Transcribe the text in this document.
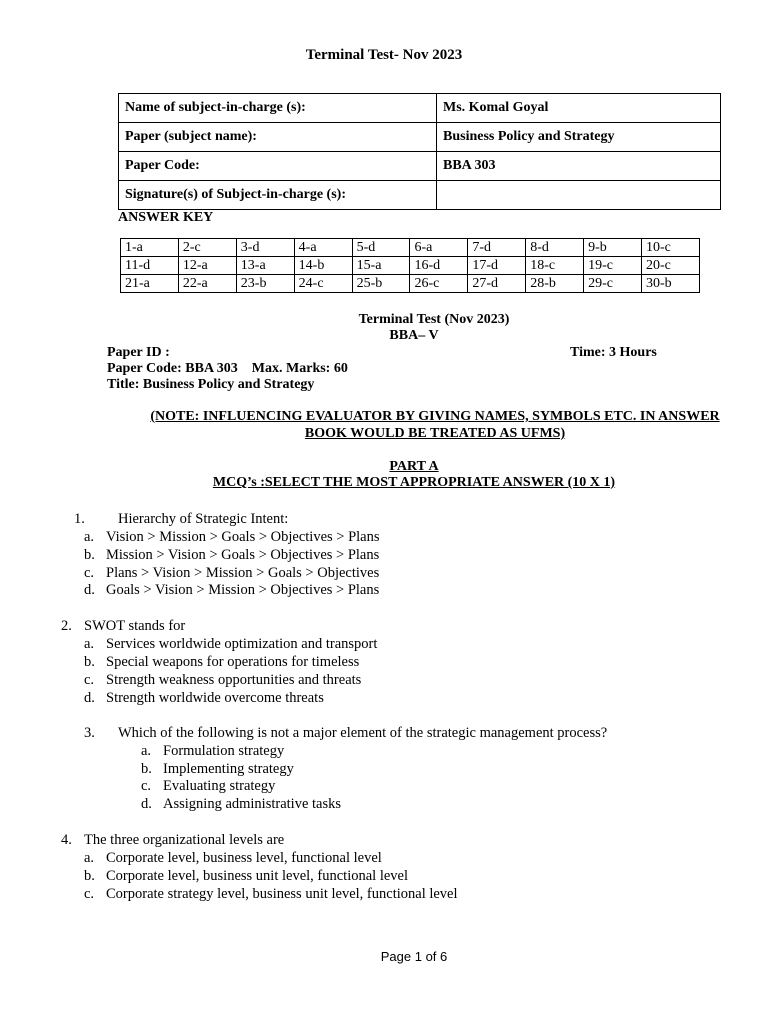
Terminal Test- Nov 2023
Name of subject-in-charge (s):	Ms. Komal Goyal
Paper (subject name):	Business Policy and Strategy
Paper Code:	BBA 303
Signature(s) of Subject-in-charge (s):	
ANSWER KEY
1-a	2-c	3-d	4-a	5-d	6-a	7-d	8-d	9-b	10-c
11-d	12-a	13-a	14-b	15-a	16-d	17-d	18-c	19-c	20-c
21-a	22-a	23-b	24-c	25-b	26-c	27-d	28-b	29-c	30-b
Terminal Test (Nov 2023)
BBA– V
Paper ID :	Time: 3 Hours
Paper Code: BBA 303    Max. Marks: 60
Title: Business Policy and Strategy
(NOTE: INFLUENCING EVALUATOR BY GIVING NAMES, SYMBOLS ETC. IN ANSWER
BOOK WOULD BE TREATED AS UFMS)
PART A
MCQ’s :SELECT THE MOST APPROPRIATE ANSWER (10 X 1)
1. Hierarchy of Strategic Intent:
a. Vision > Mission > Goals > Objectives > Plans
b. Mission > Vision > Goals > Objectives > Plans
c. Plans > Vision > Mission > Goals > Objectives
d. Goals > Vision > Mission > Objectives > Plans
2. SWOT stands for
a. Services worldwide optimization and transport
b. Special weapons for operations for timeless
c. Strength weakness opportunities and threats
d. Strength worldwide overcome threats
3. Which of the following is not a major element of the strategic management process?
a. Formulation strategy
b. Implementing strategy
c. Evaluating strategy
d. Assigning administrative tasks
4. The three organizational levels are
a. Corporate level, business level, functional level
b. Corporate level, business unit level, functional level
c. Corporate strategy level, business unit level, functional level
Page 1 of 6
